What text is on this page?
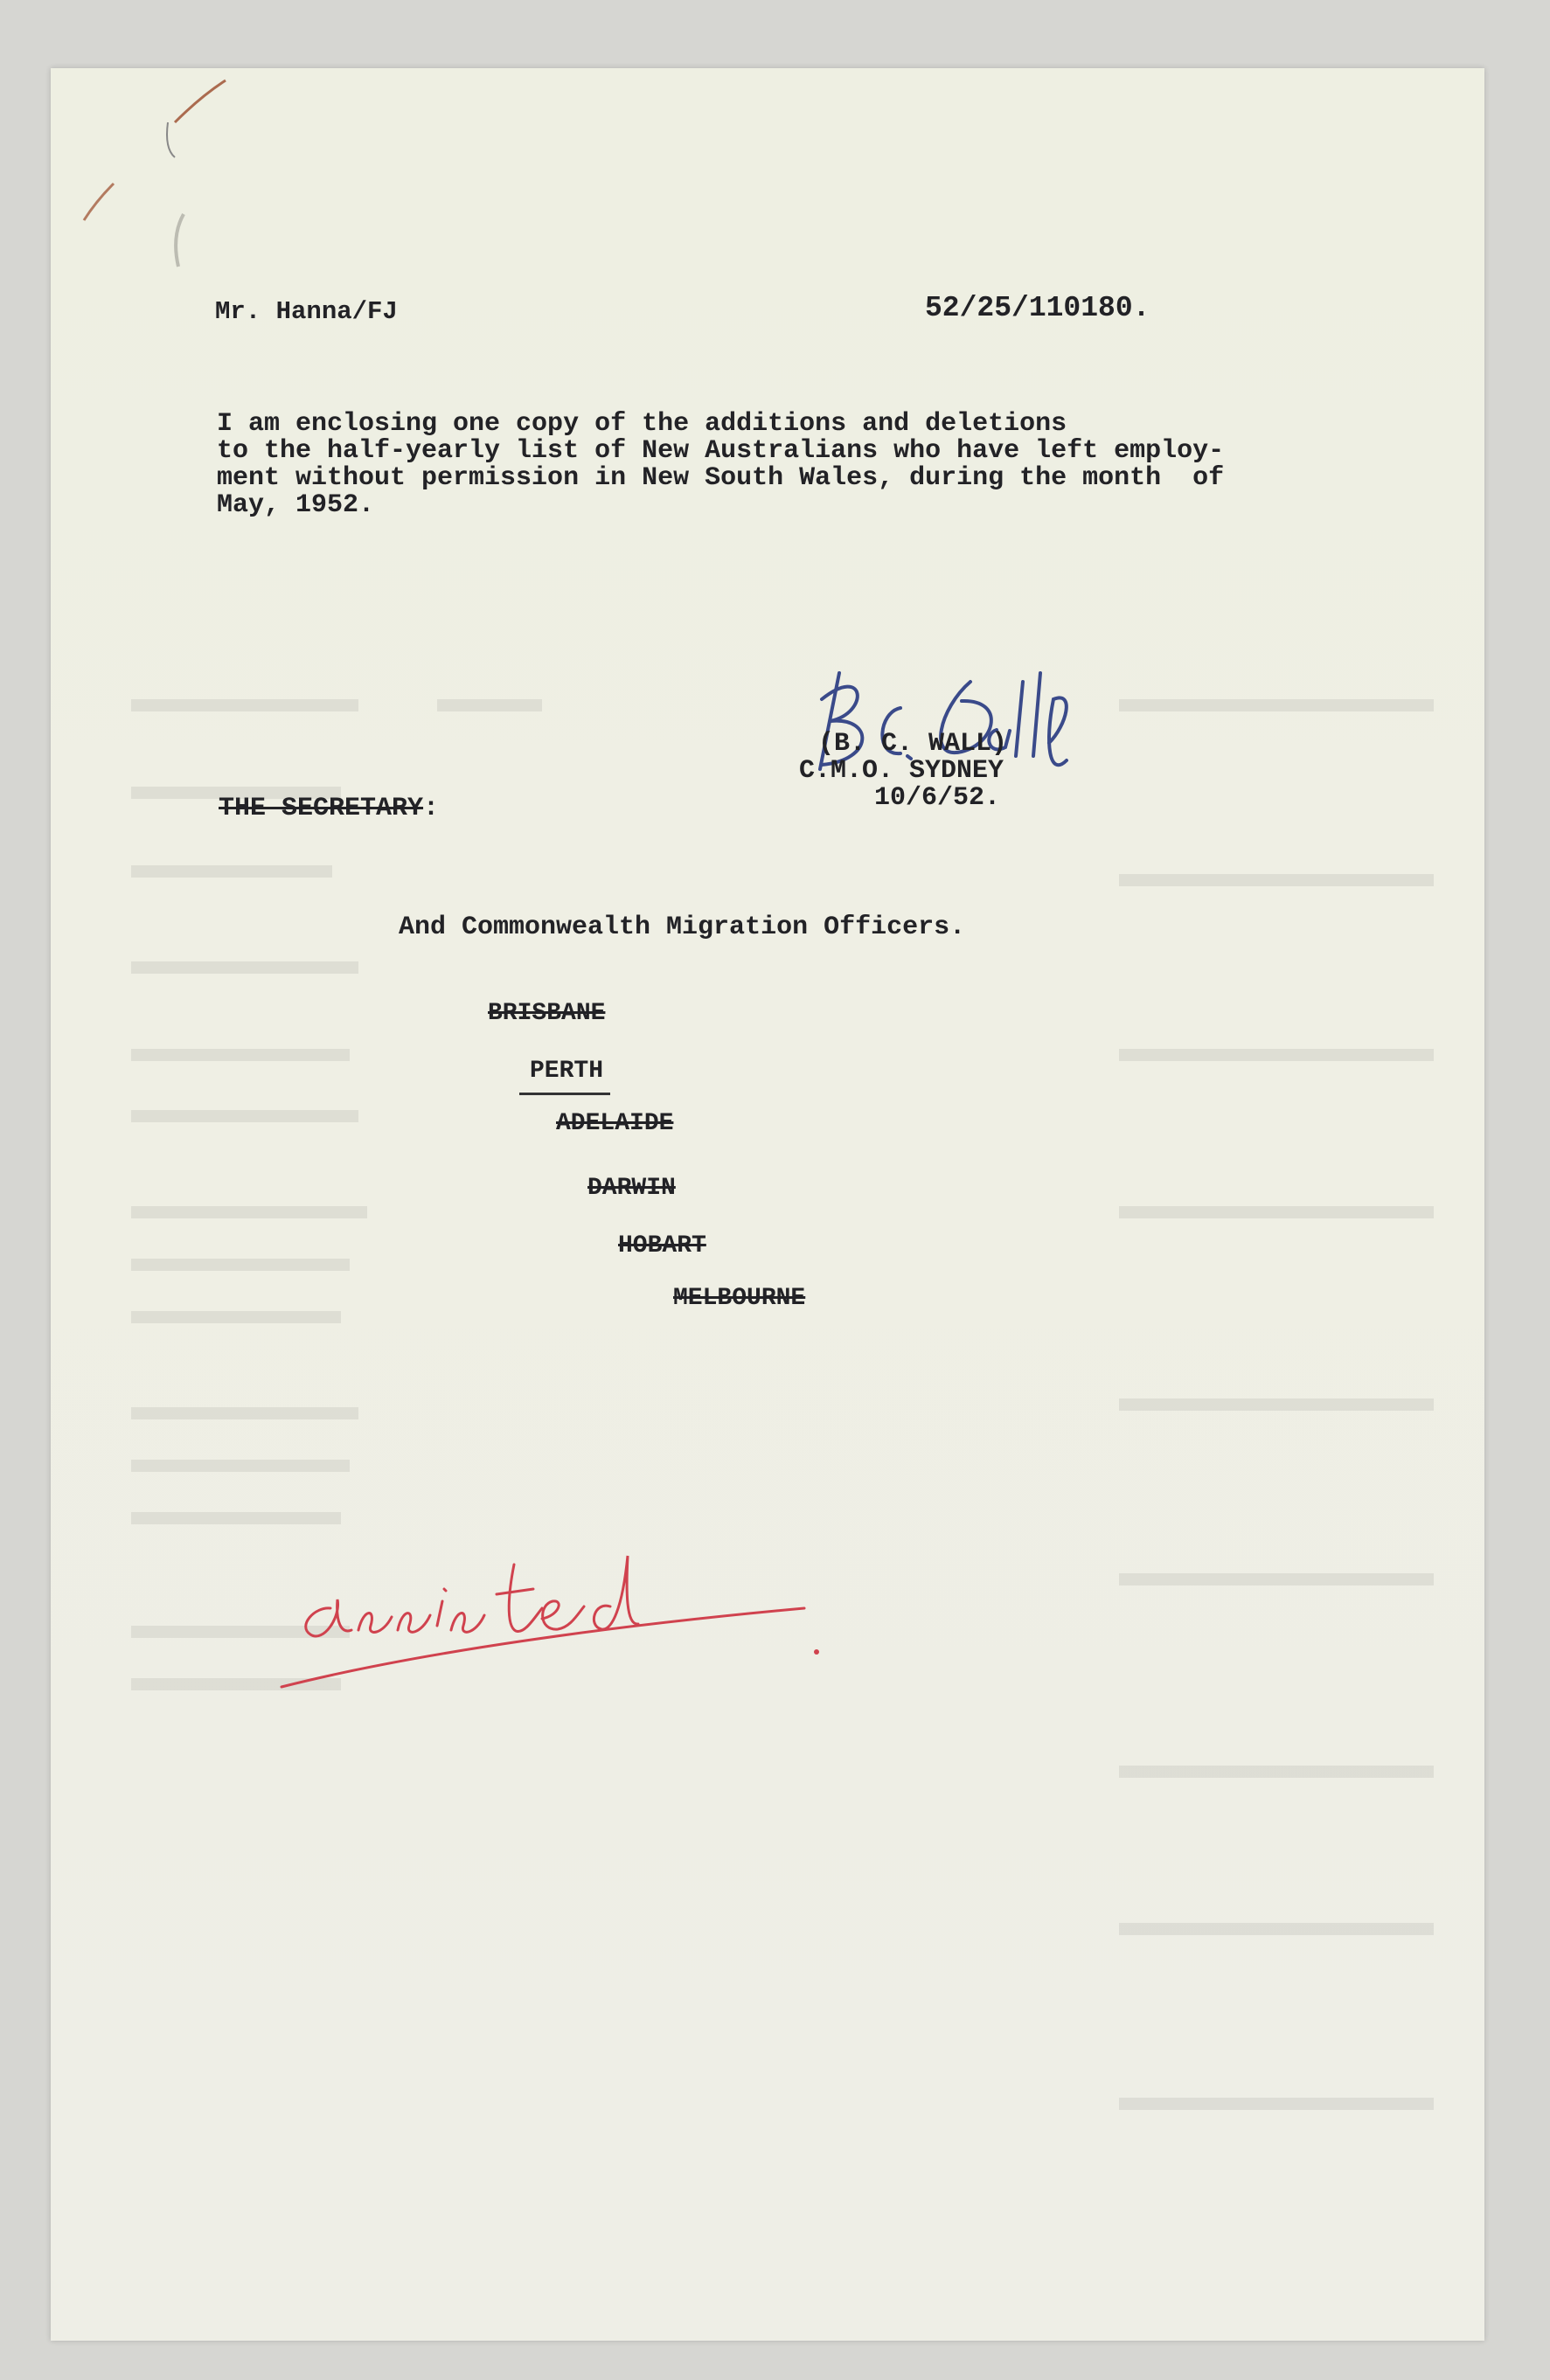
Mr. Hanna/FJ	52/25/110180.
I am enclosing one copy of the additions and deletions
to the half-yearly list of New Australians who have left employ-
ment without permission in New South Wales, during the month  of
May, 1952.
(B. C. WALL)
C.M.O. SYDNEY
10/6/52.
THE SECRETARY:
And Commonwealth Migration Officers.
BRISBANE
PERTH
ADELAIDE
DARWIN
HOBART
MELBOURNE
